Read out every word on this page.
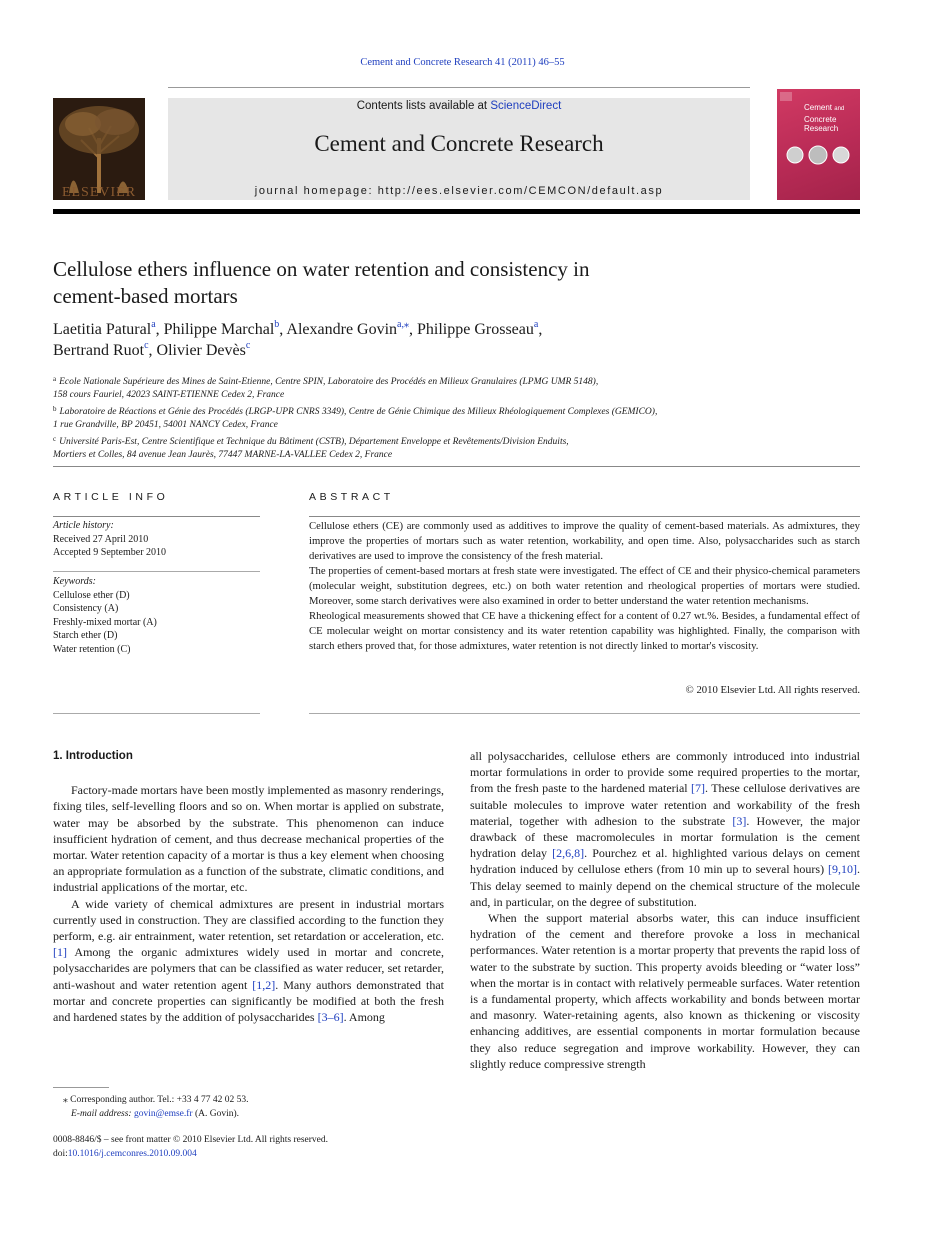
Cement and Concrete Research 41 (2011) 46–55
ELSEVIER
Contents lists available at ScienceDirect
Cement and Concrete Research
journal homepage: http://ees.elsevier.com/CEMCON/default.asp
Cement and
Concrete
Research
Cellulose ethers influence on water retention and consistency in
cement-based mortars
Laetitia Patural$^a$, Philippe Marchal$^b$, Alexandre Govin$^{a,⁎}$, Philippe Grosseau$^a$,
Bertrand Ruot$^c$, Olivier Devès$^c$
$^a$ Ecole Nationale Supérieure des Mines de Saint-Etienne, Centre SPIN, Laboratoire des Procédés en Milieux Granulaires (LPMG UMR 5148),
158 cours Fauriel, 42023 SAINT-ETIENNE Cedex 2, France
$^b$ Laboratoire de Réactions et Génie des Procédés (LRGP-UPR CNRS 3349), Centre de Génie Chimique des Milieux Rhéologiquement Complexes (GEMICO),
1 rue Grandville, BP 20451, 54001 NANCY Cedex, France
$^c$ Université Paris-Est, Centre Scientifique et Technique du Bâtiment (CSTB), Département Enveloppe et Revêtements/Division Enduits,
Mortiers et Colles, 84 avenue Jean Jaurès, 77447 MARNE-LA-VALLEE Cedex 2, France
ARTICLE INFO
Article history:
Received 27 April 2010
Accepted 9 September 2010
Keywords:
Cellulose ether (D)
Consistency (A)
Freshly-mixed mortar (A)
Starch ether (D)
Water retention (C)
ABSTRACT

Cellulose ethers (CE) are commonly used as additives to improve the quality of cement-based materials. As admixtures, they improve the properties of mortars such as water retention, workability, and open time. Also, polysaccharides such as starch derivatives are used to improve the consistency of the fresh material.

The properties of cement-based mortars at fresh state were investigated. The effect of CE and their physico-chemical parameters (molecular weight, substitution degrees, etc.) on both water retention and rheological properties of mortars were studied. Moreover, some starch derivatives were also examined in order to better understand the water retention mechanisms.

Rheological measurements showed that CE have a thickening effect for a content of 0.27 wt.%. Besides, a fundamental effect of CE molecular weight on mortar consistency and its water retention capability was highlighted. Finally, the comparison with starch ethers proved that, for those admixtures, water retention is not directly linked to mortar's viscosity.

© 2010 Elsevier Ltd. All rights reserved.
1. Introduction

Factory-made mortars have been mostly implemented as masonry renderings, fixing tiles, self-levelling floors and so on. When mortar is applied on substrate, water may be absorbed by the substrate. This phenomenon can induce insufficient hydration of cement, and thus decrease mechanical properties of the mortar. Water retention capacity of a mortar is thus a key element when choosing an appropriate formulation as a function of the substrate, climatic conditions, and industrial applications of the mortar, etc.

A wide variety of chemical admixtures are present in industrial mortars currently used in construction. They are classified according to the function they perform, e.g. air entrainment, water retention, set retardation or acceleration, etc. [1] Among the organic admixtures widely used in mortar and concrete, polysaccharides are polymers that can be classified as water reducer, set retarder, anti-washout and water retention agent [1,2]. Many authors demonstrated that mortar and concrete properties can significantly be modified at both the fresh and hardened states by the addition of polysaccharides [3–6]. Among

all polysaccharides, cellulose ethers are commonly introduced into industrial mortar formulations in order to provide some required properties to the mortar, from the fresh paste to the hardened material [7]. These cellulose derivatives are suitable molecules to improve water retention and workability of the fresh material, together with adhesion to the substrate [3]. However, the major drawback of these macromolecules in mortar formulation is the cement hydration delay [2,6,8]. Pourchez et al. highlighted various delays on cement hydration induced by cellulose ethers (from 10 min up to several hours) [9,10]. This delay seemed to mainly depend on the chemical structure of the molecule and, in particular, on the degree of substitution.

When the support material absorbs water, this can induce insufficient hydration of the cement and therefore provoke a loss in mechanical performances. Water retention is a mortar property that prevents the rapid loss of water to the substrate by suction. This property avoids bleeding or “water loss” when the mortar is in contact with relatively permeable surfaces. Water retention is a fundamental property, which affects workability and bonds between mortar and masonry. Water-retaining agents, also known as thickening or viscosity enhancing additives, are essential components in mortar formulation because they also reduce segregation and improve workability. However, they can slightly reduce compressive strength

⁎ Corresponding author. Tel.: +33 4 77 42 02 53.
E-mail address: govin@emse.fr (A. Govin).
0008-8846/$ – see front matter © 2010 Elsevier Ltd. All rights reserved.
doi:10.1016/j.cemconres.2010.09.004
